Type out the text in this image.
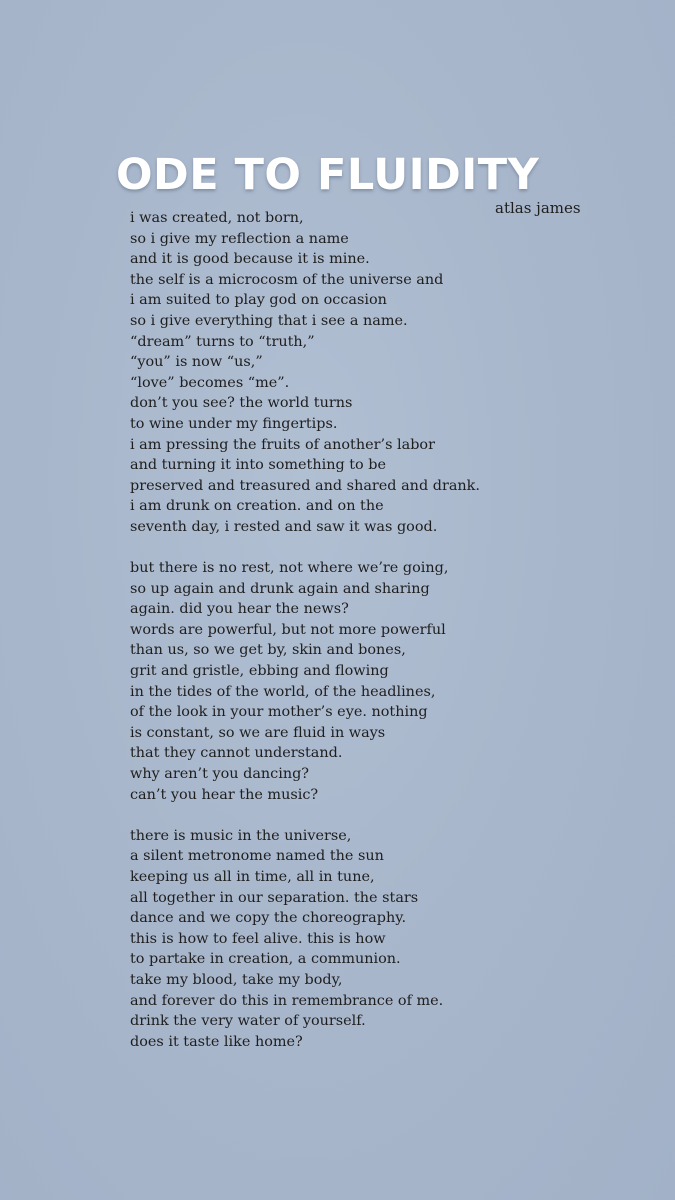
ODE TO FLUIDITY
atlas james
i was created, not born,
so i give my reflection a name
and it is good because it is mine.
the self is a microcosm of the universe and
i am suited to play god on occasion
so i give everything that i see a name.
“dream” turns to “truth,”
“you” is now “us,”
“love” becomes “me”.
don’t you see? the world turns
to wine under my fingertips.
i am pressing the fruits of another’s labor
and turning it into something to be
preserved and treasured and shared and drank.
i am drunk on creation. and on the
seventh day, i rested and saw it was good.
but there is no rest, not where we’re going,
so up again and drunk again and sharing
again. did you hear the news?
words are powerful, but not more powerful
than us, so we get by, skin and bones,
grit and gristle, ebbing and flowing
in the tides of the world, of the headlines,
of the look in your mother’s eye. nothing
is constant, so we are fluid in ways
that they cannot understand.
why aren’t you dancing?
can’t you hear the music?
there is music in the universe,
a silent metronome named the sun
keeping us all in time, all in tune,
all together in our separation. the stars
dance and we copy the choreography.
this is how to feel alive. this is how
to partake in creation, a communion.
take my blood, take my body,
and forever do this in remembrance of me.
drink the very water of yourself.
does it taste like home?
